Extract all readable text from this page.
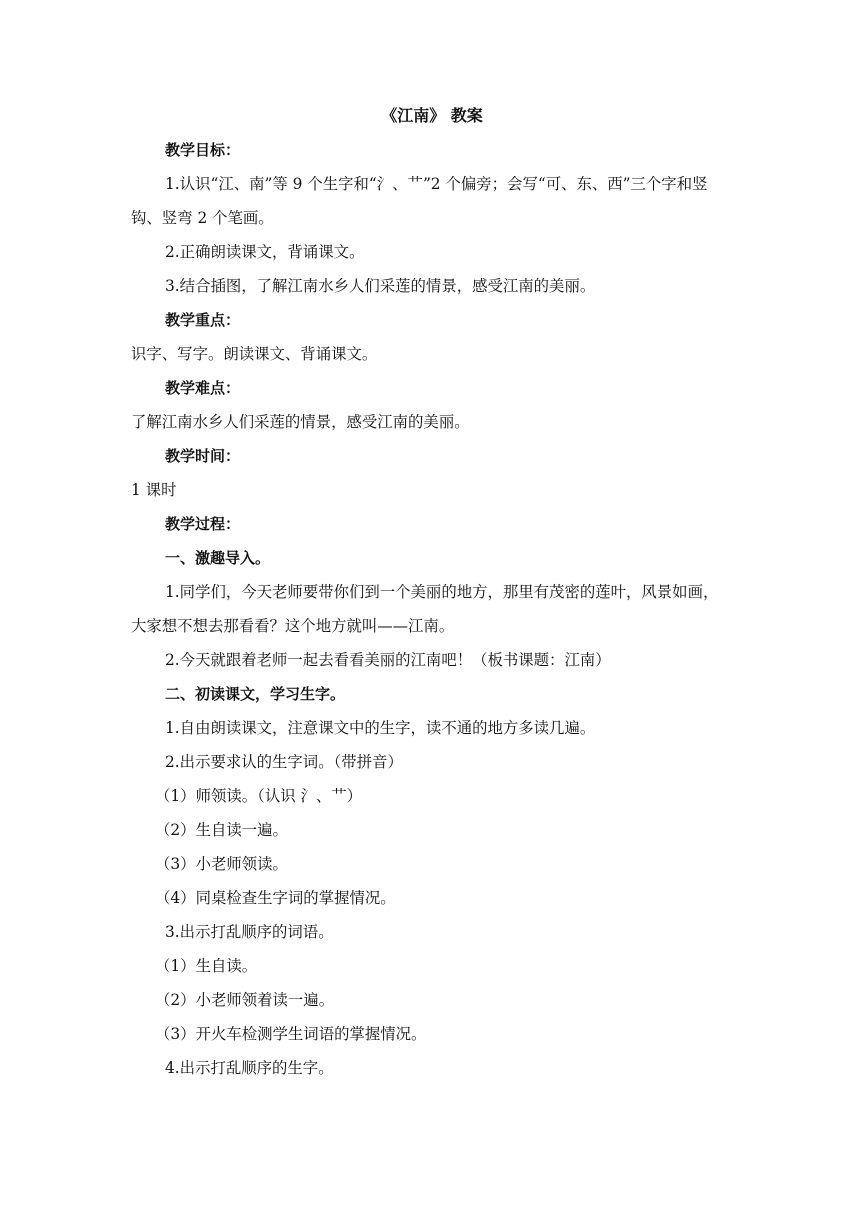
《江南》 教案

教学目标：

1.认识“江、南”等 9 个生字和“氵、艹”2 个偏旁；会写“可、东、西”三个字和竖钩、竖弯 2 个笔画。

2.正确朗读课文，背诵课文。

3.结合插图，了解江南水乡人们采莲的情景，感受江南的美丽。

教学重点：

识字、写字。朗读课文、背诵课文。

教学难点：

了解江南水乡人们采莲的情景，感受江南的美丽。

教学时间：

1 课时

教学过程：

一、激趣导入。

1.同学们，今天老师要带你们到一个美丽的地方，那里有茂密的莲叶，风景如画，大家想不想去那看看？这个地方就叫——江南。

2.今天就跟着老师一起去看看美丽的江南吧！（板书课题：江南）

二、初读课文，学习生字。

1.自由朗读课文，注意课文中的生字，读不通的地方多读几遍。

2.出示要求认的生字词。（带拼音）

（1）师领读。（认识 氵、艹）

（2）生自读一遍。

（3）小老师领读。

（4）同桌检查生字词的掌握情况。

3.出示打乱顺序的词语。

（1）生自读。

（2）小老师领着读一遍。

（3）开火车检测学生词语的掌握情况。

4.出示打乱顺序的生字。
